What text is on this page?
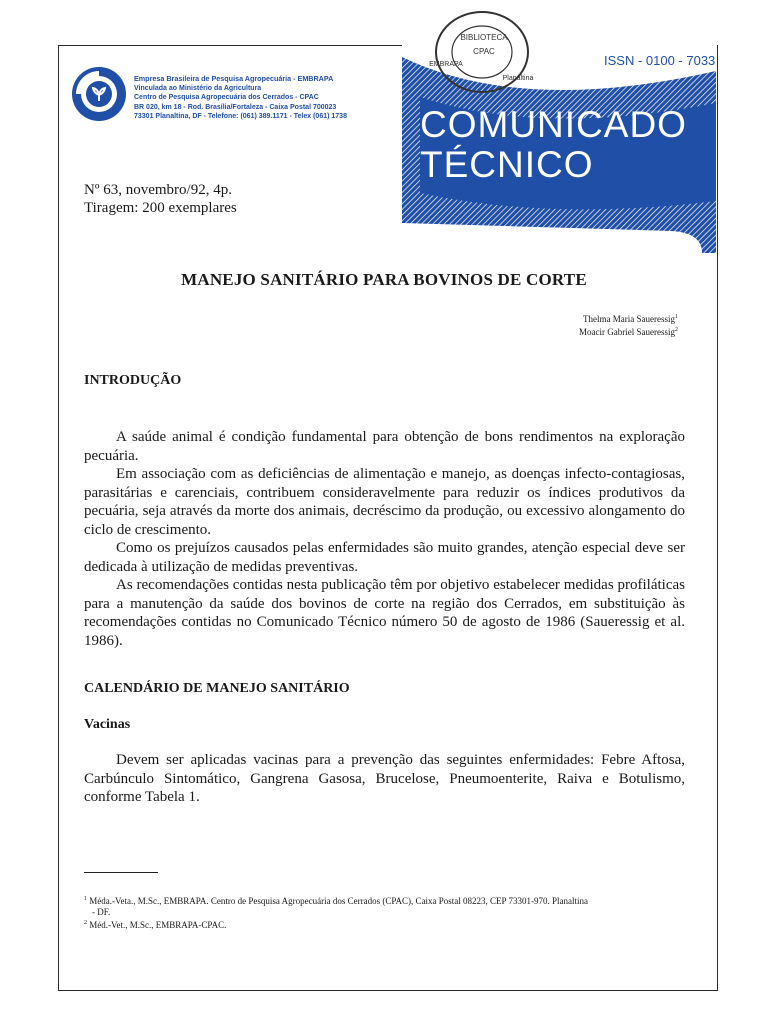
Empresa Brasileira de Pesquisa Agropecuária - EMBRAPA
Vinculada ao Ministério da Agricultura
Centro de Pesquisa Agropecuária dos Cerrados - CPAC
BR 020, km 18 - Rod. Brasília/Fortaleza - Caixa Postal 700023
73301 Planaltina, DF - Telefone: (061) 389.1171 - Telex (061) 1738
BIBLIOTECA
CPAC
Planaltina
EMBRAPA	ISSN - 0100 - 7033
COMUNICADO
TÉCNICO
Nº 63, novembro/92, 4p.
Tiragem: 200 exemplares
MANEJO SANITÁRIO PARA BOVINOS DE CORTE
Thelma Maria Saueressig$^1$
Moacir Gabriel Saueressig$^2$
INTRODUÇÃO

A saúde animal é condição fundamental para obtenção de bons rendimentos na exploração pecuária.

Em associação com as deficiências de alimentação e manejo, as doenças infecto-contagiosas, parasitárias e carenciais, contribuem consideravelmente para reduzir os índices produtivos da pecuária, seja através da morte dos animais, decréscimo da produção, ou excessivo alongamento do ciclo de crescimento.

Como os prejuízos causados pelas enfermidades são muito grandes, atenção especial deve ser dedicada à utilização de medidas preventivas.

As recomendações contidas nesta publicação têm por objetivo estabelecer medidas profiláticas para a manutenção da saúde dos bovinos de corte na região dos Cerrados, em substituição às recomendações contidas no Comunicado Técnico número 50 de agosto de 1986 (Saueressig et al. 1986).

CALENDÁRIO DE MANEJO SANITÁRIO
Vacinas

Devem ser aplicadas vacinas para a prevenção das seguintes enfermidades: Febre Aftosa, Carbúnculo Sintomático, Gangrena Gasosa, Brucelose, Pneumoenterite, Raiva e Botulismo, conforme Tabela 1.

$^1$ Méda.-Veta., M.Sc., EMBRAPA. Centro de Pesquisa Agropecuária dos Cerrados (CPAC), Caixa Postal 08223, CEP 73301-970. Planaltina
- DF.
$^2$ Méd.-Vet., M.Sc., EMBRAPA-CPAC.
